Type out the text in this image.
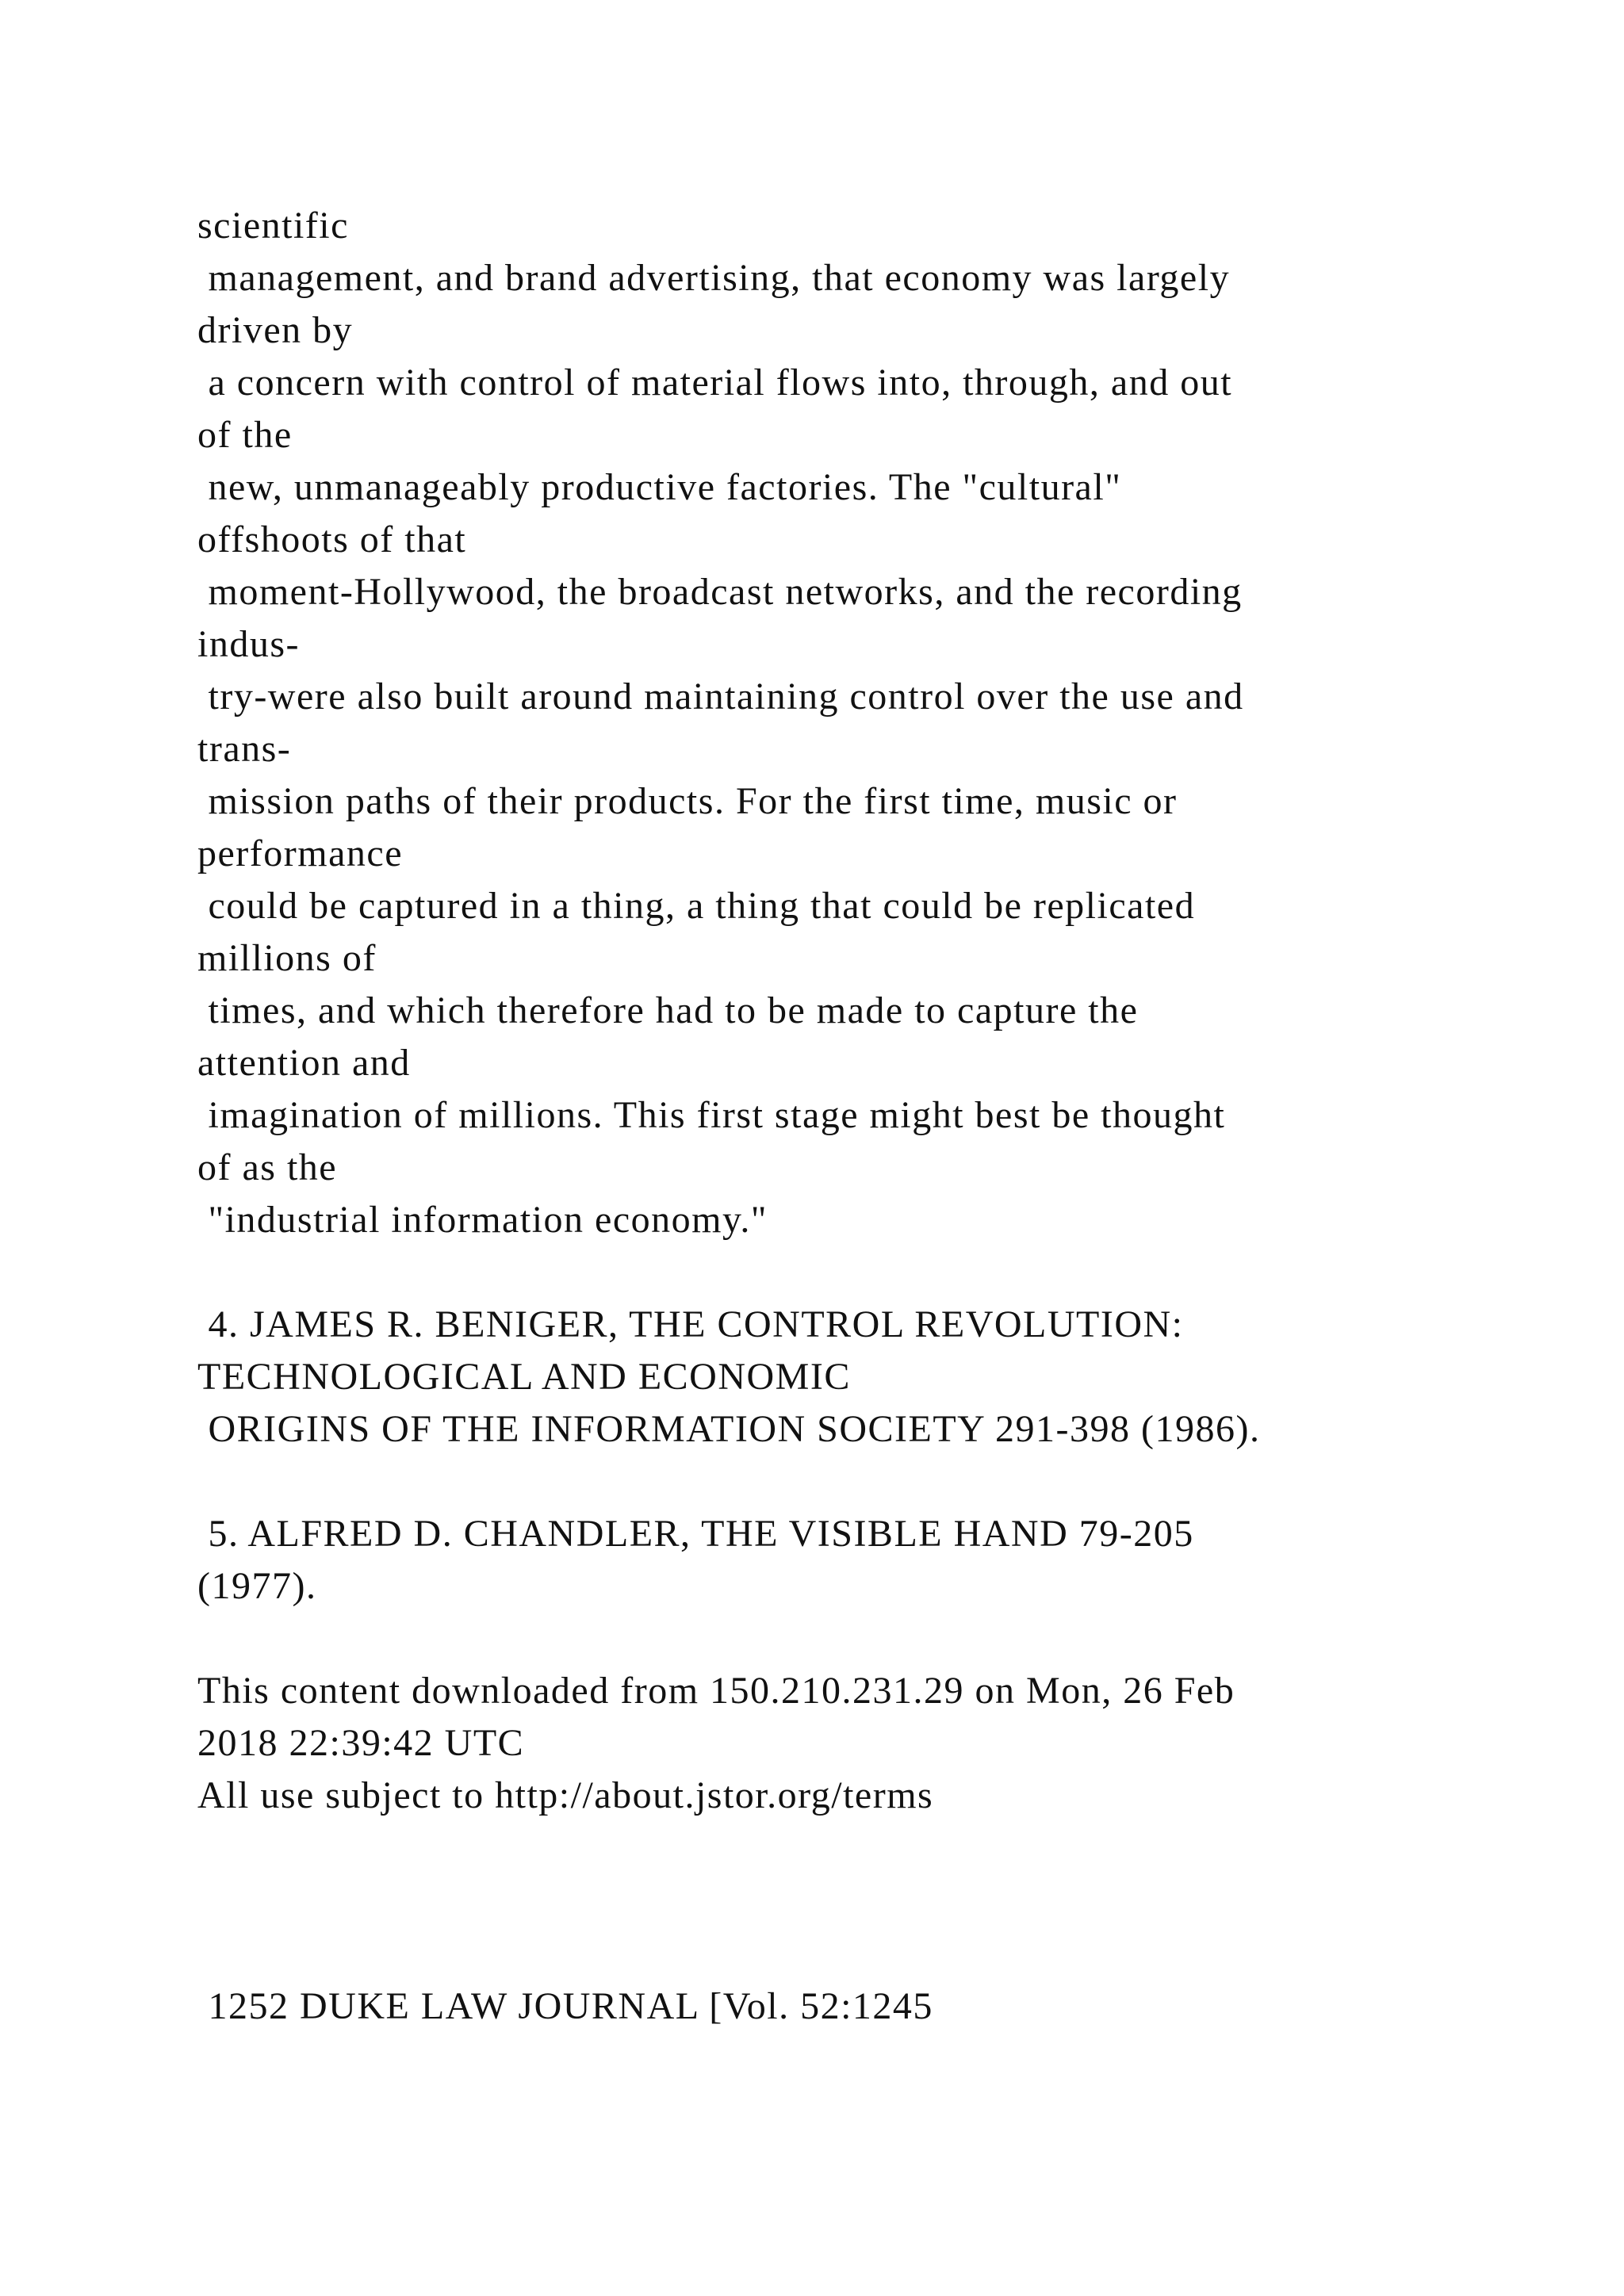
scientific
management, and brand advertising, that economy was largely
driven by
a concern with control of material flows into, through, and out
of the
new, unmanageably productive factories. The "cultural"
offshoots of that
moment-Hollywood, the broadcast networks, and the recording
indus-
try-were also built around maintaining control over the use and
trans-
mission paths of their products. For the first time, music or
performance
could be captured in a thing, a thing that could be replicated
millions of
times, and which therefore had to be made to capture the
attention and
imagination of millions. This first stage might best be thought
of as the
"industrial information economy."
4. JAMES R. BENIGER, THE CONTROL REVOLUTION:
TECHNOLOGICAL AND ECONOMIC
ORIGINS OF THE INFORMATION SOCIETY 291-398 (1986).
5. ALFRED D. CHANDLER, THE VISIBLE HAND 79-205
(1977).
This content downloaded from 150.210.231.29 on Mon, 26 Feb
2018 22:39:42 UTC
All use subject to http://about.jstor.org/terms
1252 DUKE LAW JOURNAL [Vol. 52:1245
